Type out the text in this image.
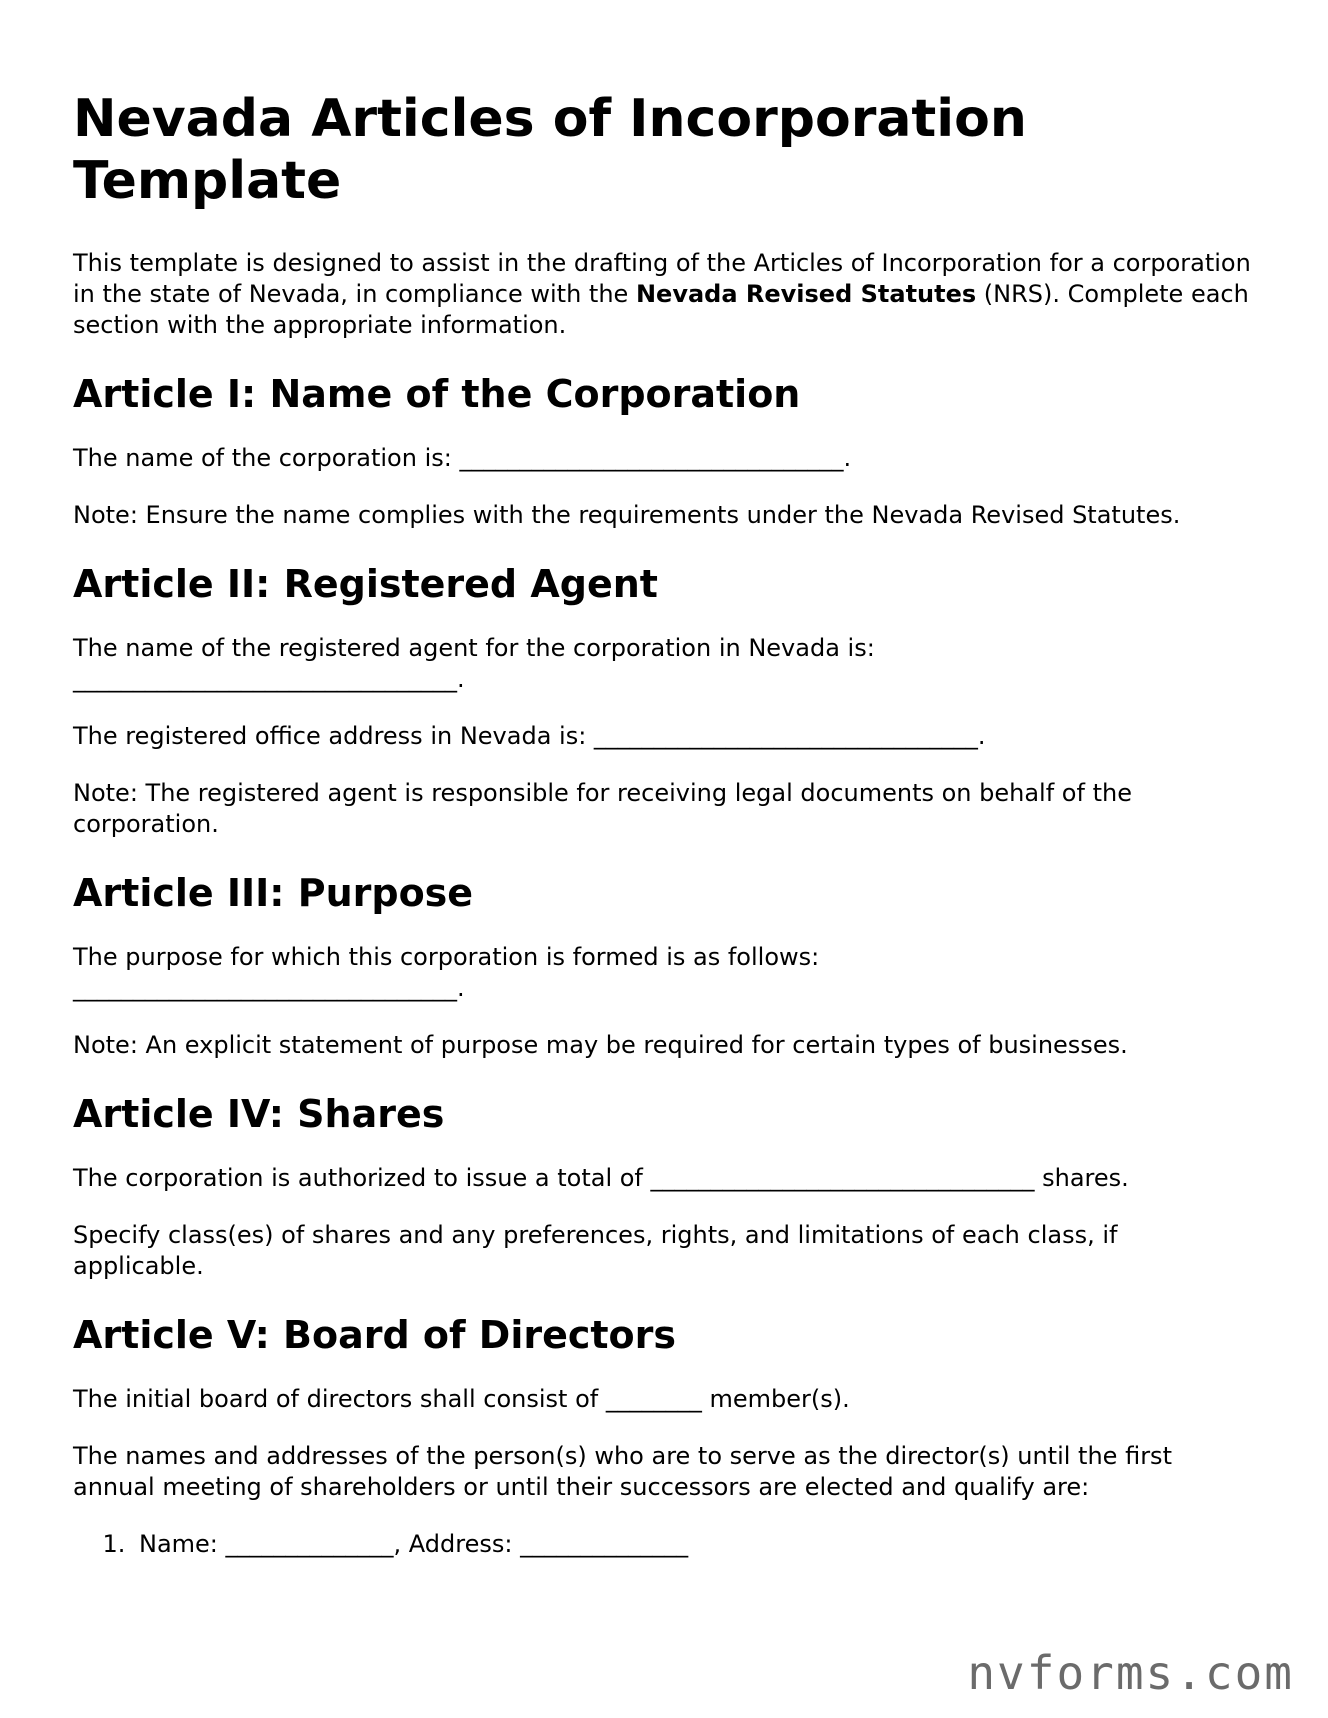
Nevada Articles of Incorporation Template

This template is designed to assist in the drafting of the Articles of Incorporation for a corporation in the state of Nevada, in compliance with the Nevada Revised Statutes (NRS). Complete each section with the appropriate information.

Article I: Name of the Corporation

The name of the corporation is: ________________________________.

Note: Ensure the name complies with the requirements under the Nevada Revised Statutes.

Article II: Registered Agent

The name of the registered agent for the corporation in Nevada is: ________________________________.

The registered office address in Nevada is: ________________________________.

Note: The registered agent is responsible for receiving legal documents on behalf of the corporation.

Article III: Purpose

The purpose for which this corporation is formed is as follows: ________________________________.

Note: An explicit statement of purpose may be required for certain types of businesses.

Article IV: Shares

The corporation is authorized to issue a total of ________________________________ shares.

Specify class(es) of shares and any preferences, rights, and limitations of each class, if applicable.

Article V: Board of Directors

The initial board of directors shall consist of ________ member(s).

The names and addresses of the person(s) who are to serve as the director(s) until the first annual meeting of shareholders or until their successors are elected and qualify are:

1. Name: ______________, Address: ______________
nvforms.com
